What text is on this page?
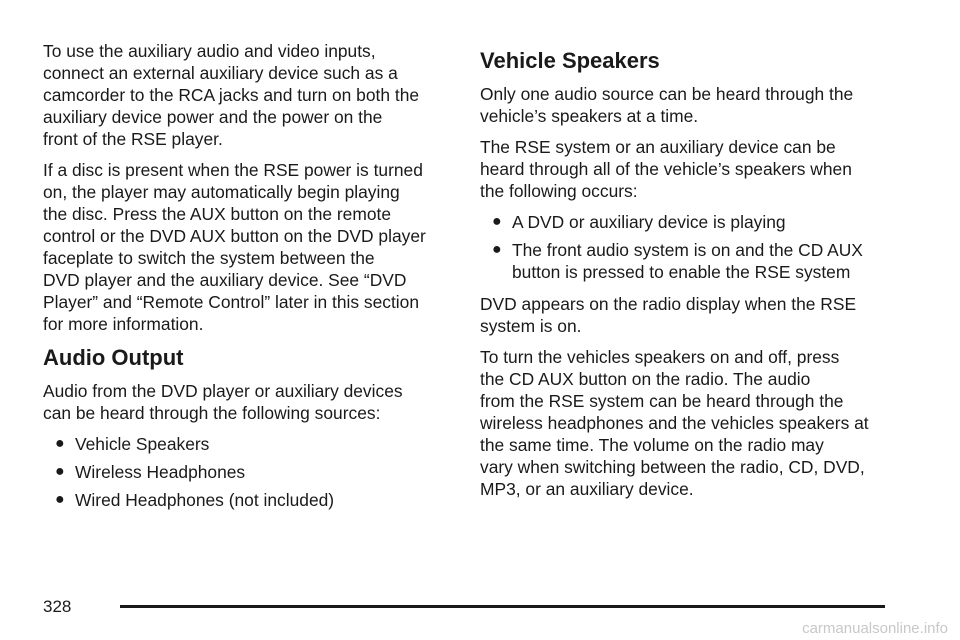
To use the auxiliary audio and video inputs,
connect an external auxiliary device such as a
camcorder to the RCA jacks and turn on both the
auxiliary device power and the power on the
front of the RSE player.

If a disc is present when the RSE power is turned
on, the player may automatically begin playing
the disc. Press the AUX button on the remote
control or the DVD AUX button on the DVD player
faceplate to switch the system between the
DVD player and the auxiliary device. See “DVD
Player” and “Remote Control” later in this section
for more information.

Audio Output

Audio from the DVD player or auxiliary devices
can be heard through the following sources:

● Vehicle Speakers
● Wireless Headphones
● Wired Headphones (not included)
Vehicle Speakers

Only one audio source can be heard through the
vehicle’s speakers at a time.

The RSE system or an auxiliary device can be
heard through all of the vehicle’s speakers when
the following occurs:

● A DVD or auxiliary device is playing
● The front audio system is on and the CD AUX
button is pressed to enable the RSE system

DVD appears on the radio display when the RSE
system is on.

To turn the vehicles speakers on and off, press
the CD AUX button on the radio. The audio
from the RSE system can be heard through the
wireless headphones and the vehicles speakers at
the same time. The volume on the radio may
vary when switching between the radio, CD, DVD,
MP3, or an auxiliary device.

328
carmanualsonline.info
